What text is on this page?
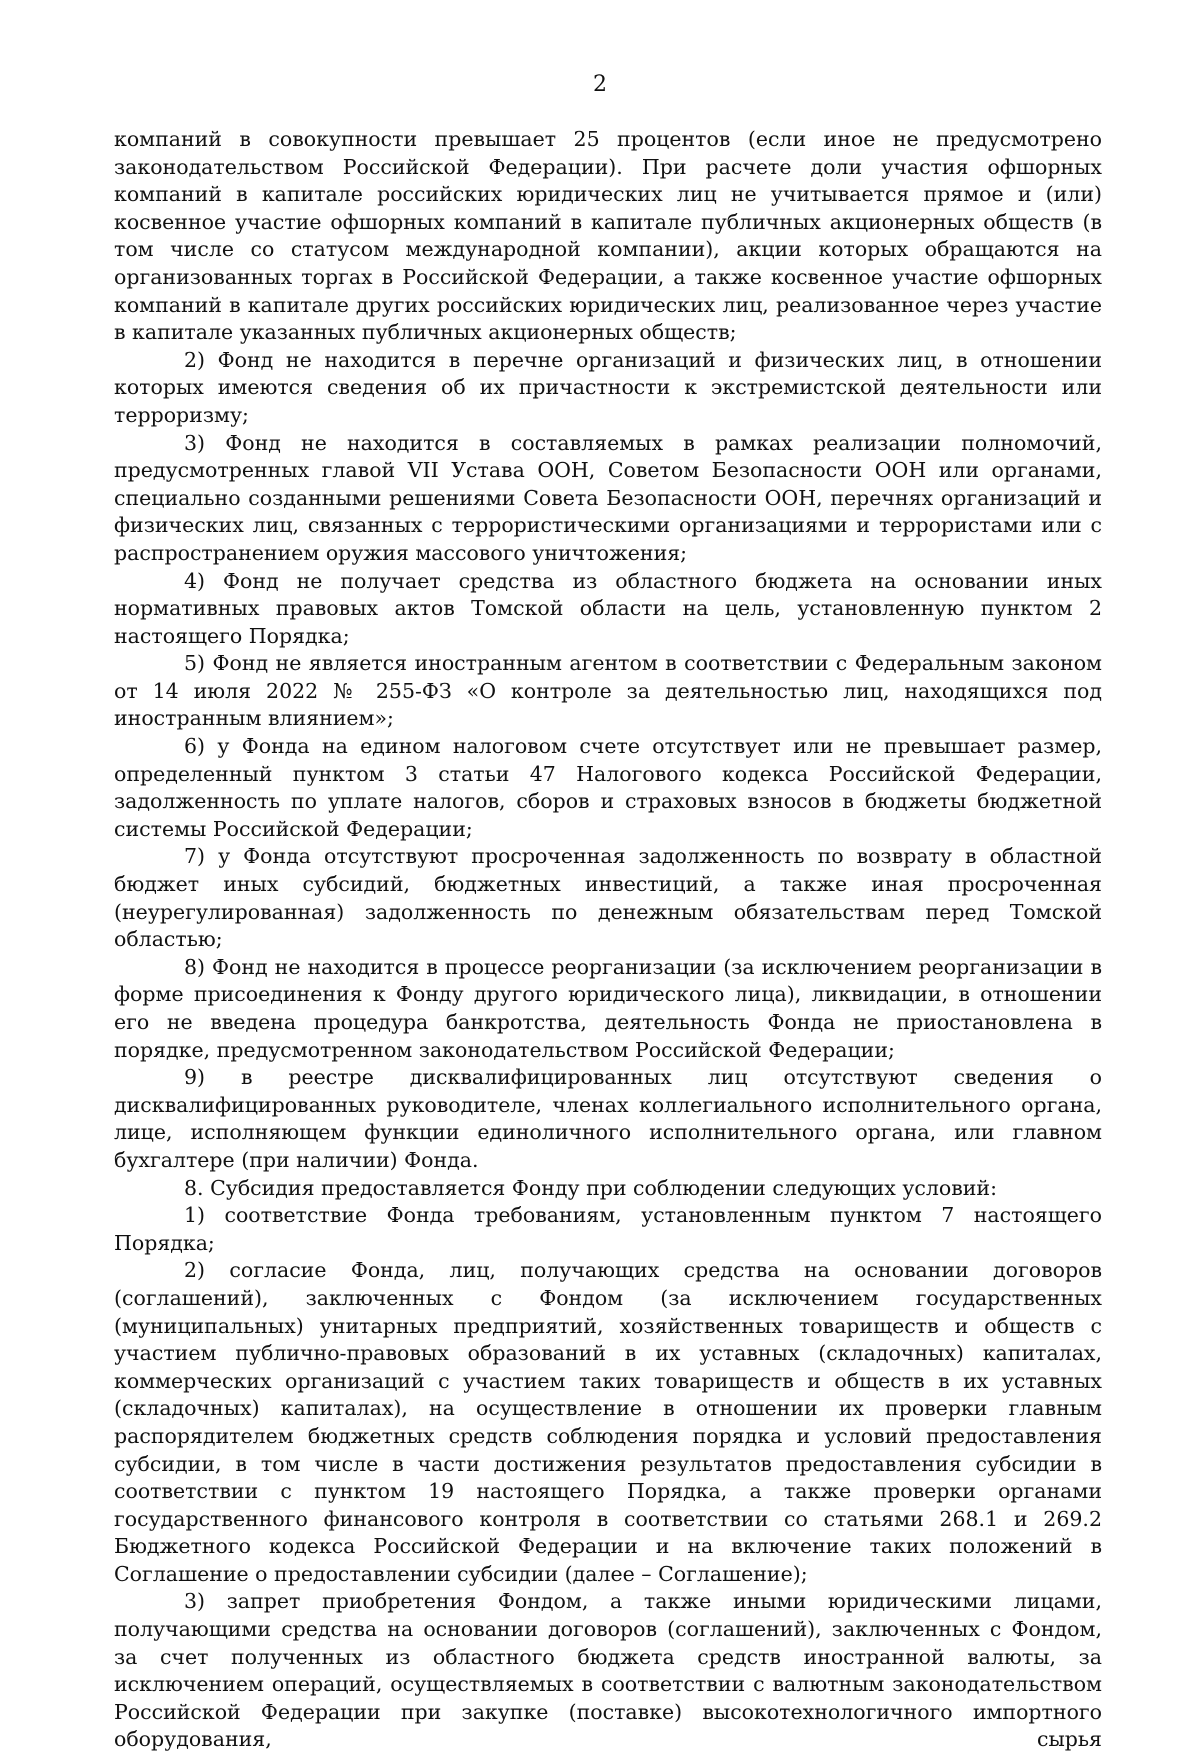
2

компаний в совокупности превышает 25 процентов (если иное не предусмотрено законодательством Российской Федерации). При расчете доли участия офшорных компаний в капитале российских юридических лиц не учитывается прямое и (или) косвенное участие офшорных компаний в капитале публичных акционерных обществ (в том числе со статусом международной компании), акции которых обращаются на организованных торгах в Российской Федерации, а также косвенное участие офшорных компаний в капитале других российских юридических лиц, реализованное через участие в капитале указанных публичных акционерных обществ;

2) Фонд не находится в перечне организаций и физических лиц, в отношении которых имеются сведения об их причастности к экстремистской деятельности или терроризму;

3) Фонд не находится в составляемых в рамках реализации полномочий, предусмотренных главой VII Устава ООН, Советом Безопасности ООН или органами, специально созданными решениями Совета Безопасности ООН, перечнях организаций и физических лиц, связанных с террористическими организациями и террористами или с распространением оружия массового уничтожения;

4) Фонд не получает средства из областного бюджета на основании иных нормативных правовых актов Томской области на цель, установленную пунктом 2 настоящего Порядка;

5) Фонд не является иностранным агентом в соответствии с Федеральным законом от 14 июля 2022 № 255-ФЗ «О контроле за деятельностью лиц, находящихся под иностранным влиянием»;

6) у Фонда на едином налоговом счете отсутствует или не превышает размер, определенный пунктом 3 статьи 47 Налогового кодекса Российской Федерации, задолженность по уплате налогов, сборов и страховых взносов в бюджеты бюджетной системы Российской Федерации;

7) у Фонда отсутствуют просроченная задолженность по возврату в областной бюджет иных субсидий, бюджетных инвестиций, а также иная просроченная (неурегулированная) задолженность по денежным обязательствам перед Томской областью;

8) Фонд не находится в процессе реорганизации (за исключением реорганизации в форме присоединения к Фонду другого юридического лица), ликвидации, в отношении его не введена процедура банкротства, деятельность Фонда не приостановлена в порядке, предусмотренном законодательством Российской Федерации;

9) в реестре дисквалифицированных лиц отсутствуют сведения о дисквалифицированных руководителе, членах коллегиального исполнительного органа, лице, исполняющем функции единоличного исполнительного органа, или главном бухгалтере (при наличии) Фонда.

8. Субсидия предоставляется Фонду при соблюдении следующих условий:

1) соответствие Фонда требованиям, установленным пунктом 7 настоящего Порядка;

2) согласие Фонда, лиц, получающих средства на основании договоров (соглашений), заключенных с Фондом (за исключением государственных (муниципальных) унитарных предприятий, хозяйственных товариществ и обществ с участием публично-правовых образований в их уставных (складочных) капиталах, коммерческих организаций с участием таких товариществ и обществ в их уставных (складочных) капиталах), на осуществление в отношении их проверки главным распорядителем бюджетных средств соблюдения порядка и условий предоставления субсидии, в том числе в части достижения результатов предоставления субсидии в соответствии с пунктом 19 настоящего Порядка, а также проверки органами государственного финансового контроля в соответствии со статьями 268.1 и 269.2 Бюджетного кодекса Российской Федерации и на включение таких положений в Соглашение о предоставлении субсидии (далее – Соглашение);

3) запрет приобретения Фондом, а также иными юридическими лицами, получающими средства на основании договоров (соглашений), заключенных с Фондом, за счет полученных из областного бюджета средств иностранной валюты, за исключением операций, осуществляемых в соответствии с валютным законодательством Российской Федерации при закупке (поставке) высокотехнологичного импортного оборудования, сырья
